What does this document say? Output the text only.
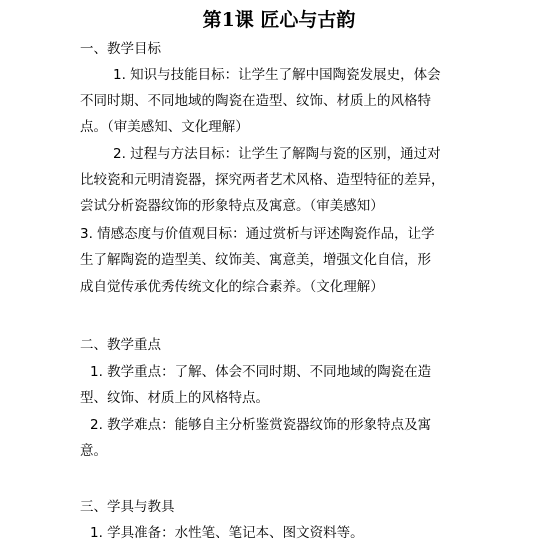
第1课 匠心与古韵
一、教学目标
1. 知识与技能目标：让学生了解中国陶瓷发展史，体会
不同时期、不同地域的陶瓷在造型、纹饰、材质上的风格特
点。（审美感知、文化理解）
2. 过程与方法目标：让学生了解陶与瓷的区别，通过对
比较瓷和元明清瓷器，探究两者艺术风格、造型特征的差异，
尝试分析瓷器纹饰的形象特点及寓意。（审美感知）
3. 情感态度与价值观目标：通过赏析与评述陶瓷作品，让学
生了解陶瓷的造型美、纹饰美、寓意美，增强文化自信，形
成自觉传承优秀传统文化的综合素养。（文化理解）
二、教学重点
1. 教学重点：了解、体会不同时期、不同地域的陶瓷在造
型、纹饰、材质上的风格特点。
2. 教学难点：能够自主分析鉴赏瓷器纹饰的形象特点及寓
意。
三、学具与教具
1. 学具准备：水性笔、笔记本、图文资料等。
